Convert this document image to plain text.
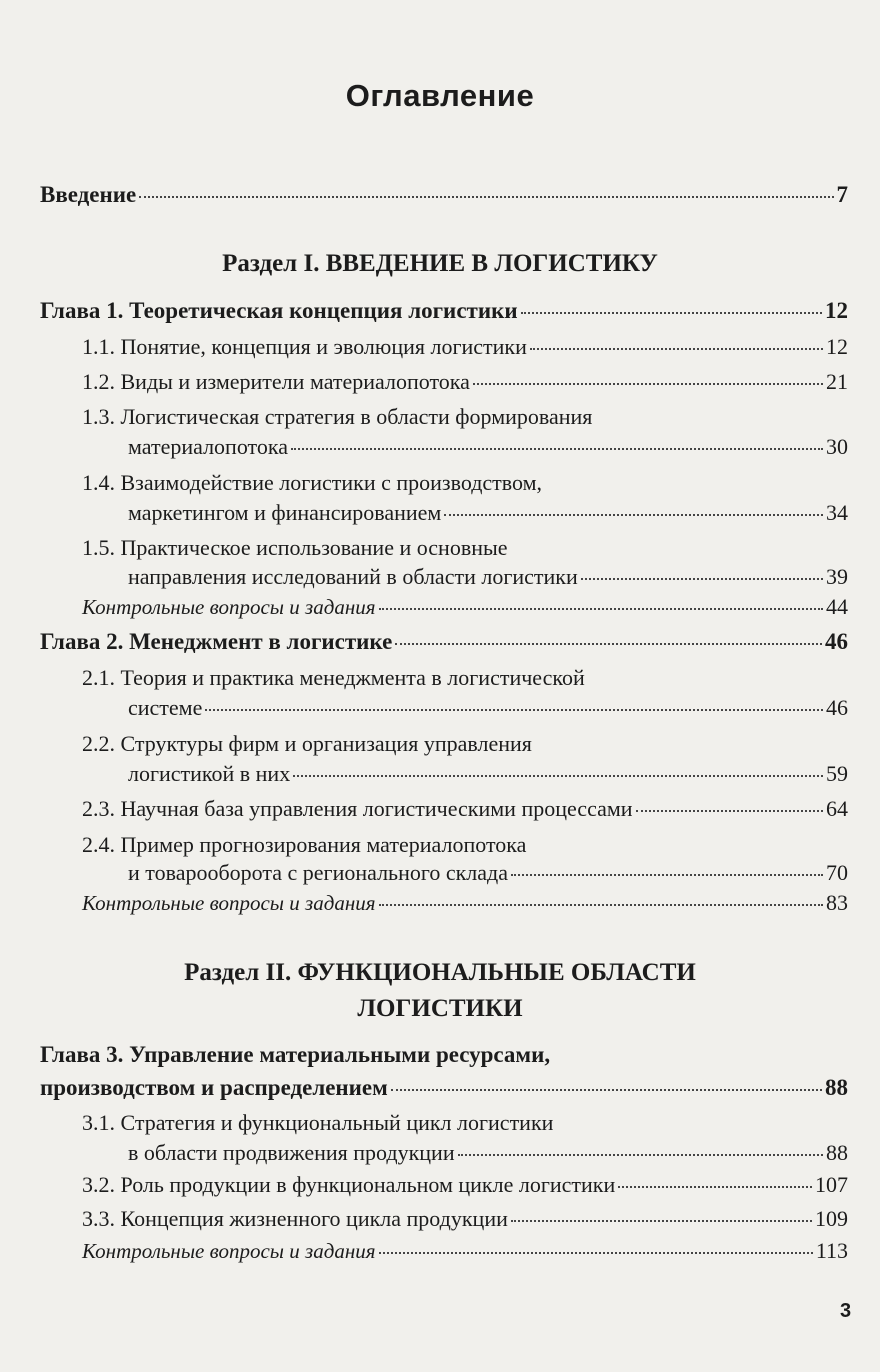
Оглавление
Введение	7
Раздел I. ВВЕДЕНИЕ В ЛОГИСТИКУ
Глава 1. Теоретическая концепция логистики	12
1.1. Понятие, концепция и эволюция логистики	12
1.2. Виды и измерители материалопотока	21
1.3. Логистическая стратегия в области формирования
материалопотока	30
1.4. Взаимодействие логистики с производством,
маркетингом и финансированием	34
1.5. Практическое использование и основные
направления исследований в области логистики	39
Контрольные вопросы и задания	44
Глава 2. Менеджмент в логистике	46
2.1. Теория и практика менеджмента в логистической
системе	46
2.2. Структуры фирм и организация управления
логистикой в них	59
2.3. Научная база управления логистическими процессами	64
2.4. Пример прогнозирования материалопотока
и товарооборота с регионального склада	70
Контрольные вопросы и задания	83
Раздел II. ФУНКЦИОНАЛЬНЫЕ ОБЛАСТИ
ЛОГИСТИКИ
Глава 3. Управление материальными ресурсами,
производством и распределением	88
3.1. Стратегия и функциональный цикл логистики
в области продвижения продукции	88
3.2. Роль продукции в функциональном цикле логистики	107
3.3. Концепция жизненного цикла продукции	109
Контрольные вопросы и задания	113
3
